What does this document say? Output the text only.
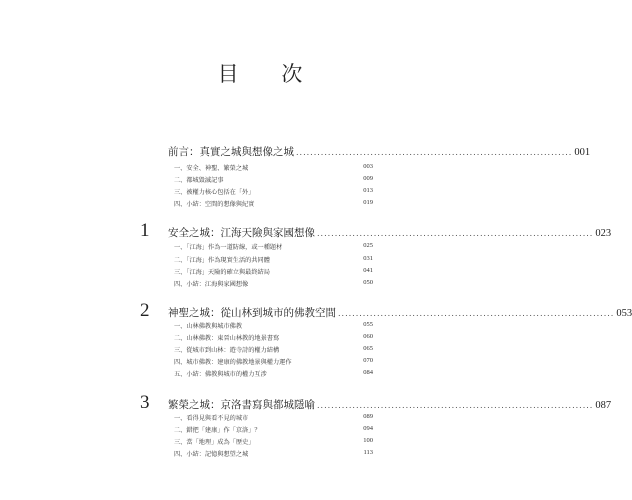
目 次
前言：真實之城與想像之城 .............................................................................. 001
一、安全、神聖、繁榮之城	003
二、都城毀滅記事	009
三、被權力核心包括在「外」	013
四、小結：空間的想像與紀實	019
1 安全之城：江海天險與家國想像 .............................................................................. 023
一、「江海」作為一道防線，或一種題材	025
二、「江海」作為現實生活的共同體	031
三、「江海」天險的確立與最終結局	041
四、小結：江海與家國想像	050
2 神聖之城：從山林到城市的佛教空間 .............................................................................. 053
一、山林佛教與城市佛教	055
二、山林佛教：東晉山林教的地景書寫	060
三、從城市到山林：遊寺詩的權力結構	065
四、城市佛教：建康的佛教地景與權力運作	070
五、小結：佛教與城市的權力互涉	084
3 繁榮之城：京洛書寫與都城隱喻 .............................................................................. 087
一、看得見與看不見的城市	089
二、錯把「建康」作「京洛」？	094
三、當「地理」成為「歷史」	100
四、小結：記憶與想望之城	113
